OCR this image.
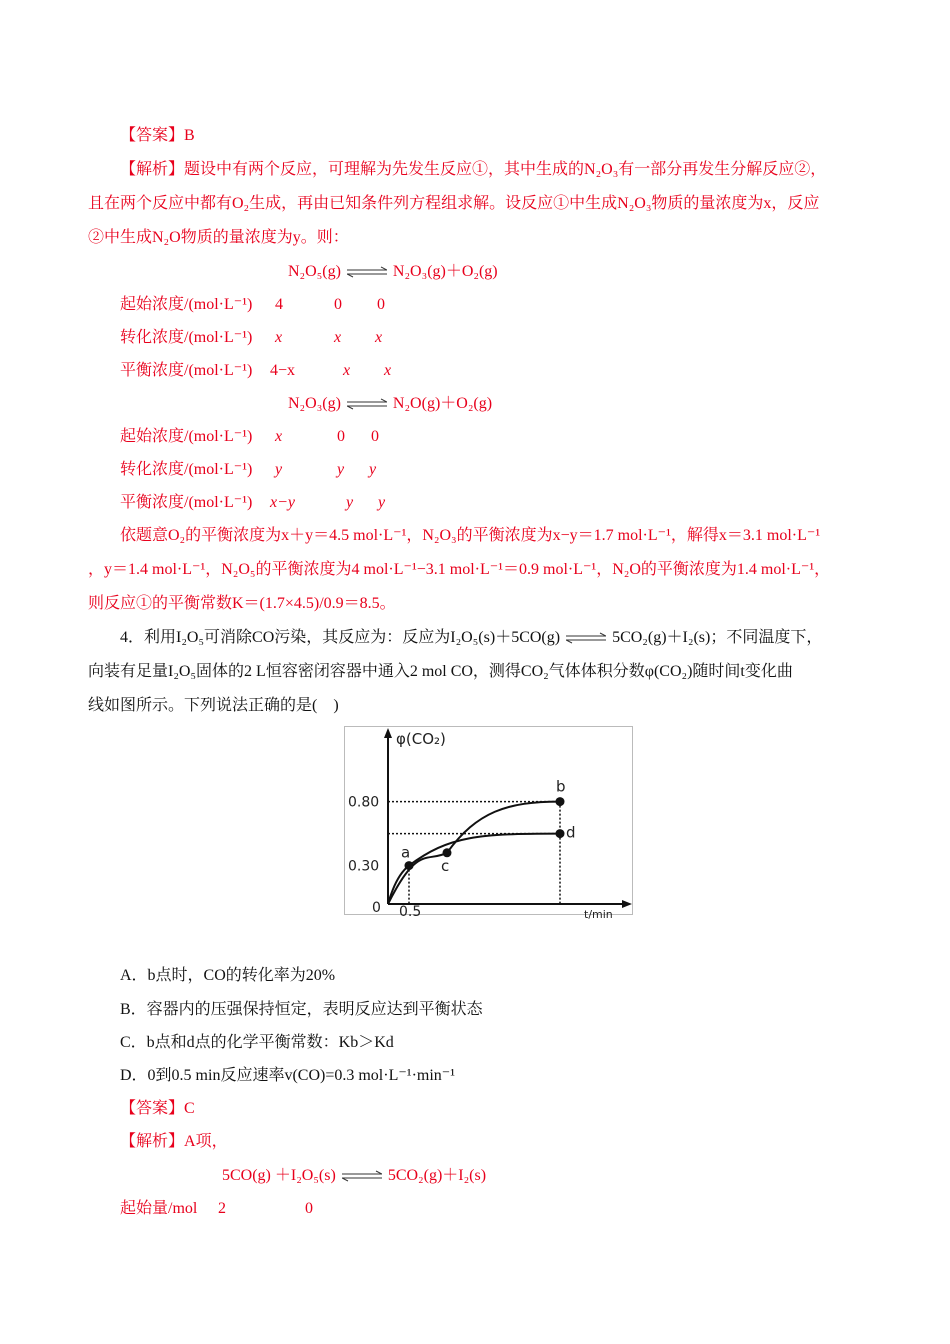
【答案】B
【解析】题设中有两个反应，可理解为先发生反应①，其中生成的N₂O₃有一部分再发生分解反应②，
且在两个反应中都有O₂生成，再由已知条件列方程组求解。设反应①中生成N₂O₃物质的量浓度为x，反应
②中生成N₂O物质的量浓度为y。则：
N₂O₅(g) ⇌ N₂O₃(g)＋O₂(g)
起始浓度/(mol·L⁻¹) 4	0 0
转化浓度/(mol·L⁻¹) x	x x
平衡浓度/(mol·L⁻¹) 4−x	x x
N₂O₃(g) ⇌ N₂O(g)＋O₂(g)
起始浓度/(mol·L⁻¹) x	0 0
转化浓度/(mol·L⁻¹) y	y y
平衡浓度/(mol·L⁻¹) x−y	y y
依题意O₂的平衡浓度为x＋y＝4.5 mol·L⁻¹，N₂O₃的平衡浓度为x−y＝1.7 mol·L⁻¹，解得x＝3.1 mol·L⁻¹
，y＝1.4 mol·L⁻¹，N₂O₅的平衡浓度为4 mol·L⁻¹−3.1 mol·L⁻¹＝0.9 mol·L⁻¹，N₂O的平衡浓度为1.4 mol·L⁻¹，
则反应①的平衡常数K＝(1.7×4.5)/0.9＝8.5。
4．利用I₂O₅可消除CO污染，其反应为：反应为I₂O₅(s)＋5CO(g) ⇌ 5CO₂(g)＋I₂(s)；不同温度下，
向装有足量I₂O₅固体的2 L恒容密闭容器中通入2 mol CO，测得CO₂气体体积分数φ(CO₂)随时间t变化曲
线如图所示。下列说法正确的是(　)
φ(CO₂)
t/min
0.80
0.30
0 0.5
a
c
b
d
A．b点时，CO的转化率为20%
B．容器内的压强保持恒定，表明反应达到平衡状态
C．b点和d点的化学平衡常数：Kb＞Kd
D．0到0.5 min反应速率v(CO)=0.3 mol·L⁻¹·min⁻¹
【答案】C
【解析】A项，
5CO(g) ＋I₂O₅(s) ⇌ 5CO₂(g)＋I₂(s)
起始量/mol 2	0
